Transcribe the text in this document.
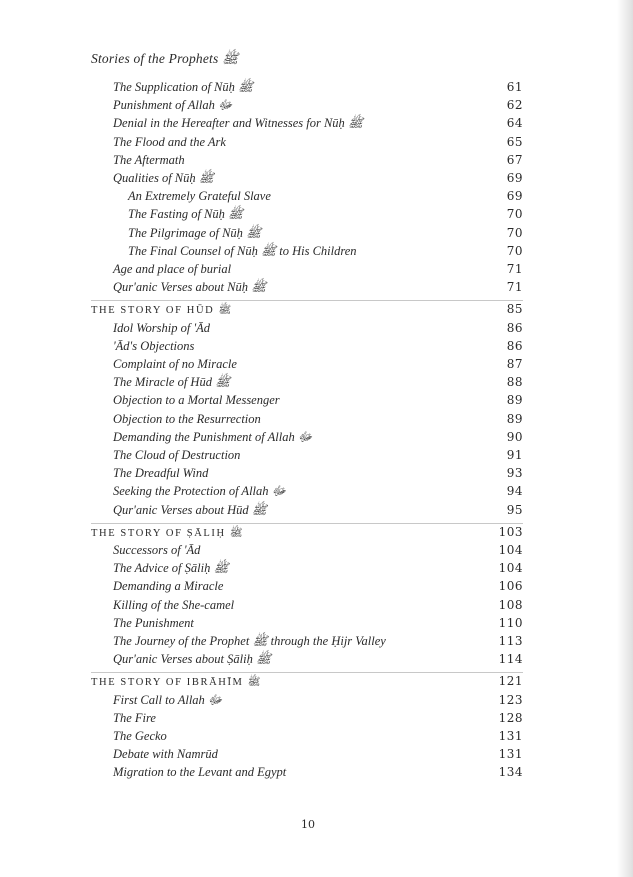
Stories of the Prophets ﷺ
The Supplication of Nūḥ ﷺ	61
Punishment of Allah ﷻ	62
Denial in the Hereafter and Witnesses for Nūḥ ﷺ	64
The Flood and the Ark	65
The Aftermath	67
Qualities of Nūḥ ﷺ	69
An Extremely Grateful Slave	69
The Fasting of Nūḥ ﷺ	70
The Pilgrimage of Nūḥ ﷺ	70
The Final Counsel of Nūḥ ﷺ to His Children	70
Age and place of burial	71
Qur'anic Verses about Nūḥ ﷺ	71
THE STORY OF HŪD ﷺ	85
Idol Worship of 'Ād	86
'Ād's Objections	86
Complaint of no Miracle	87
The Miracle of Hūd ﷺ	88
Objection to a Mortal Messenger	89
Objection to the Resurrection	89
Demanding the Punishment of Allah ﷻ	90
The Cloud of Destruction	91
The Dreadful Wind	93
Seeking the Protection of Allah ﷻ	94
Qur'anic Verses about Hūd ﷺ	95
THE STORY OF ṢĀLIḤ ﷺ	103
Successors of 'Ād	104
The Advice of Ṣāliḥ ﷺ	104
Demanding a Miracle	106
Killing of the She-camel	108
The Punishment	110
The Journey of the Prophet ﷺ through the Ḥijr Valley	113
Qur'anic Verses about Ṣāliḥ ﷺ	114
THE STORY OF IBRĀHĪM ﷺ	121
First Call to Allah ﷻ	123
The Fire	128
The Gecko	131
Debate with Namrūd	131
Migration to the Levant and Egypt	134
10
